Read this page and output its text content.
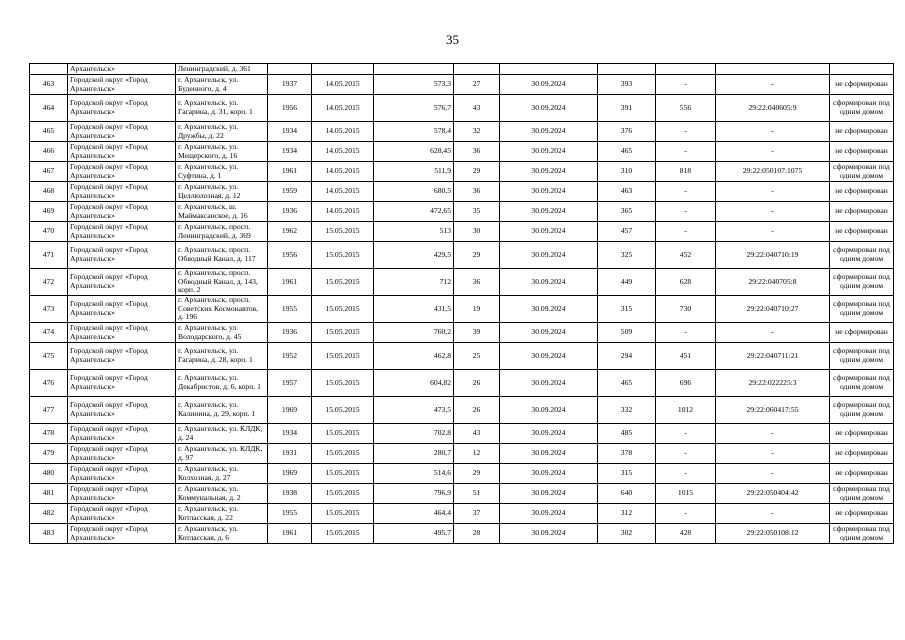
35
	Архангельск»	Ленинградский, д. 361									
463	Городской округ «Город Архангельск»	г. Архангельск, ул. Буденного, д. 4	1937	14.05.2015	573,3	27	30.09.2024	393	-	-	не сформирован
464	Городской округ «Город Архангельск»	г. Архангельск, ул. Гагарина, д. 31, корп. 1	1956	14.05.2015	576,7	43	30.09.2024	391	556	29:22:040605:9	сформирован под одним домом
465	Городской округ «Город Архангельск»	г. Архангельск, ул. Дружбы, д. 22	1934	14.05.2015	578,4	32	30.09.2024	376	-	-	не сформирован
466	Городской округ «Город Архангельск»	г. Архангельск, ул. Мещерского, д. 16	1934	14.05.2015	628,45	36	30.09.2024	465	-	-	не сформирован
467	Городской округ «Город Архангельск»	г. Архангельск, ул. Суфтина, д. 1	1961	14.05.2015	511,9	29	30.09.2024	310	818	29:22:050107:1075	сформирован под одним домом
468	Городской округ «Город Архангельск»	г. Архангельск, ул. Целлюлозная, д. 12	1959	14.05.2015	680,5	36	30.09.2024	463	-	-	не сформирован
469	Городской округ «Город Архангельск»	г. Архангельск, ш. Маймаксанское, д. 16	1936	14.05.2015	472,65	35	30.09.2024	365	-	-	не сформирован
470	Городской округ «Город Архангельск»	г. Архангельск, просп. Ленинградский, д. 369	1962	15.05.2015	513	30	30.09.2024	457	-	-	не сформирован
471	Городской округ «Город Архангельск»	г. Архангельск, просп. Обводный Канал, д. 117	1956	15.05.2015	429,5	29	30.09.2024	325	452	29:22:040710:19	сформирован под одним домом
472	Городской округ «Город Архангельск»	г. Архангельск, просп. Обводный Канал, д. 143, корп. 2	1961	15.05.2015	712	36	30.09.2024	449	628	29:22:040705:8	сформирован под одним домом
473	Городской округ «Город Архангельск»	г. Архангельск, просп. Советских Космонавтов, д. 196	1955	15.05.2015	431,5	19	30.09.2024	315	730	29:22:040710:27	сформирован под одним домом
474	Городской округ «Город Архангельск»	г. Архангельск, ул. Володарского, д. 45	1936	15.05.2015	760,2	39	30.09.2024	509	-	-	не сформирован
475	Городской округ «Город Архангельск»	г. Архангельск, ул. Гагарина, д. 28, корп. 1	1952	15.05.2015	462,8	25	30.09.2024	294	451	29:22:040711:21	сформирован под одним домом
476	Городской округ «Город Архангельск»	г. Архангельск, ул. Декабристов, д. 6, корп. 1	1957	15.05.2015	604,82	26	30.09.2024	465	696	29:22:022225:3	сформирован под одним домом
477	Городской округ «Город Архангельск»	г. Архангельск, ул. Калинина, д. 29, корп. 1	1969	15.05.2015	473,5	26	30.09.2024	332	1012	29:22:060417:55	сформирован под одним домом
478	Городской округ «Город Архангельск»	г. Архангельск, ул. КЛДК, д. 24	1934	15.05.2015	702,8	43	30.09.2024	485	-	-	не сформирован
479	Городской округ «Город Архангельск»	г. Архангельск, ул. КЛДК, д. 97	1931	15.05.2015	280,7	12	30.09.2024	378	-	-	не сформирован
480	Городской округ «Город Архангельск»	г. Архангельск, ул. Колхозная, д. 27	1969	15.05.2015	514,6	29	30.09.2024	315	-	-	не сформирован
481	Городской округ «Город Архангельск»	г. Архангельск, ул. Коммунальная, д. 2	1938	15.05.2015	796,9	51	30.09.2024	640	1015	29:22:050404:42	сформирован под одним домом
482	Городской округ «Город Архангельск»	г. Архангельск, ул. Котласская, д. 22	1955	15.05.2015	464,4	37	30.09.2024	312	-	-	не сформирован
483	Городской округ «Город Архангельск»	г. Архангельск, ул. Котласская, д. 6	1961	15.05.2015	495,7	28	30.09.2024	302	428	29:22:050108:12	сформирован под одним домом
